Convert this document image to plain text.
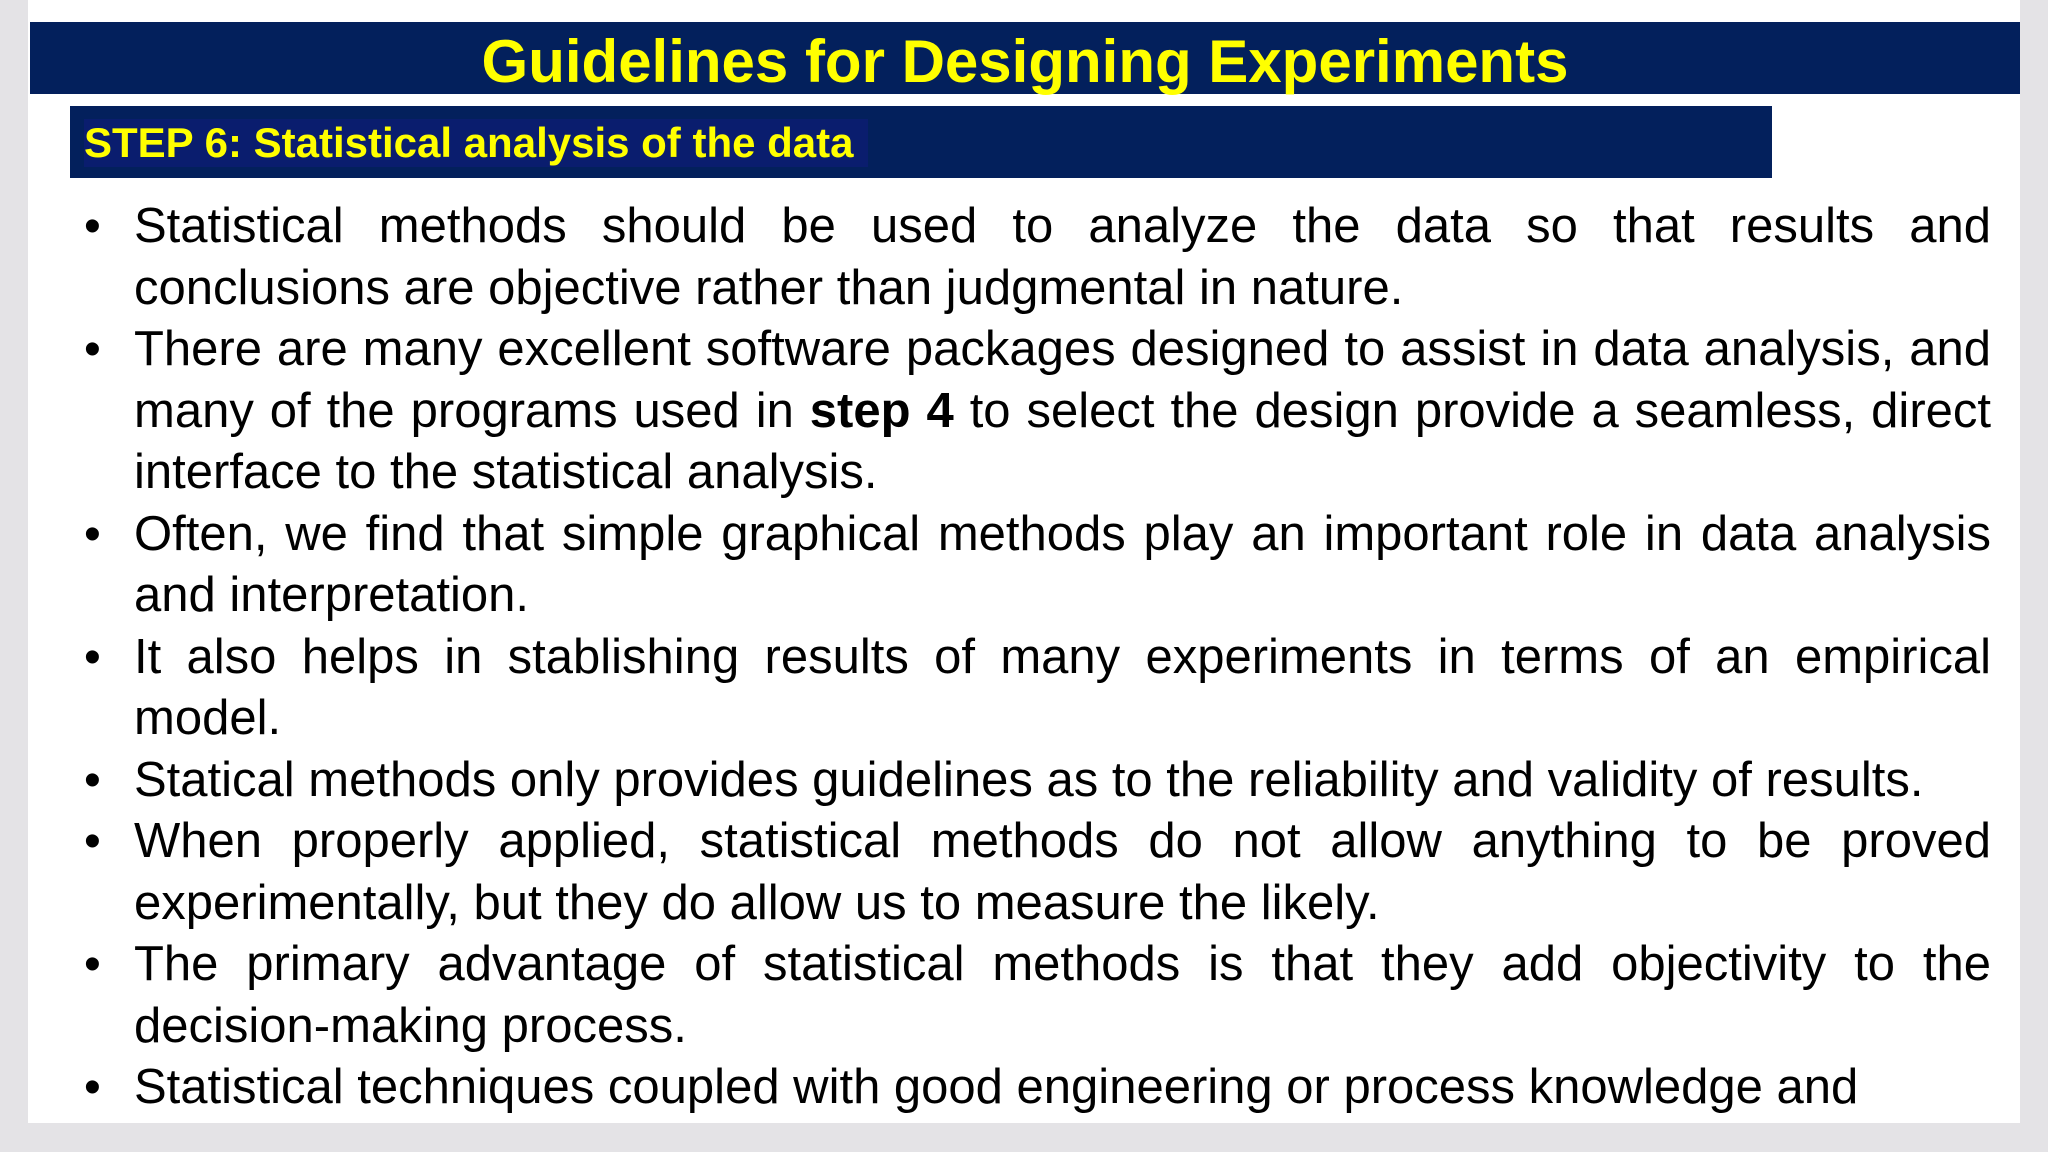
Guidelines for Designing Experiments
STEP 6: Statistical analysis of the data
• Statistical methods should be used to analyze the data so that results and conclusions are objective rather than judgmental in nature.

• There are many excellent software packages designed to assist in data analysis, and many of the programs used in step 4 to select the design provide a seamless, direct interface to the statistical analysis.

• Often, we find that simple graphical methods play an important role in data analysis and interpretation.

• It also helps in stablishing results of many experiments in terms of an empirical model.

• Statical methods only provides guidelines as to the reliability and validity of results.

• When properly applied, statistical methods do not allow anything to be proved experimentally, but they do allow us to measure the likely.

• The primary advantage of statistical methods is that they add objectivity to the decision-making process.

• Statistical techniques coupled with good engineering or process knowledge and
